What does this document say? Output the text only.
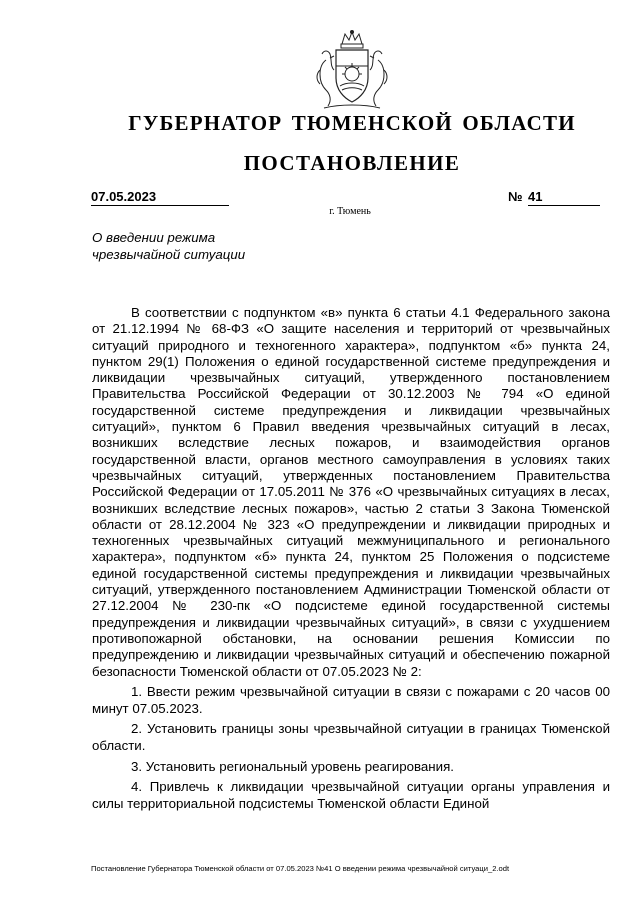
ГУБЕРНАТОР ТЮМЕНСКОЙ ОБЛАСТИ
ПОСТАНОВЛЕНИЕ
07.05.2023	№ 41
г. Тюмень
О введении режима
чрезвычайной ситуации

В соответствии с подпунктом «в» пункта 6 статьи 4.1 Федерального закона от 21.12.1994 № 68-ФЗ «О защите населения и территорий от чрезвычайных ситуаций природного и техногенного характера», подпунктом «б» пункта 24, пунктом 29(1) Положения о единой государственной системе предупреждения и ликвидации чрезвычайных ситуаций, утвержденного постановлением Правительства Российской Федерации от 30.12.2003 № 794 «О единой государственной системе предупреждения и ликвидации чрезвычайных ситуаций», пунктом 6 Правил введения чрезвычайных ситуаций в лесах, возникших вследствие лесных пожаров, и взаимодействия органов государственной власти, органов местного самоуправления в условиях таких чрезвычайных ситуаций, утвержденных постановлением Правительства Российской Федерации от 17.05.2011 № 376 «О чрезвычайных ситуациях в лесах, возникших вследствие лесных пожаров», частью 2 статьи 3 Закона Тюменской области от 28.12.2004 № 323 «О предупреждении и ликвидации природных и техногенных чрезвычайных ситуаций межмуниципального и регионального характера», подпунктом «б» пункта 24, пунктом 25 Положения о подсистеме единой государственной системы предупреждения и ликвидации чрезвычайных ситуаций, утвержденного постановлением Администрации Тюменской области от 27.12.2004 № 230-пк «О подсистеме единой государственной системы предупреждения и ликвидации чрезвычайных ситуаций», в связи с ухудшением противопожарной обстановки, на основании решения Комиссии по предупреждению и ликвидации чрезвычайных ситуаций и обеспечению пожарной безопасности Тюменской области от 07.05.2023 № 2:

1. Ввести режим чрезвычайной ситуации в связи с пожарами с 20 часов 00 минут 07.05.2023.

2. Установить границы зоны чрезвычайной ситуации в границах Тюменской области.

3. Установить региональный уровень реагирования.

4. Привлечь к ликвидации чрезвычайной ситуации органы управления и силы территориальной подсистемы Тюменской области Единой

Постановление Губернатора Тюменской области от 07.05.2023 №41 О введении режима чрезвычайной ситуаци_2.odt
